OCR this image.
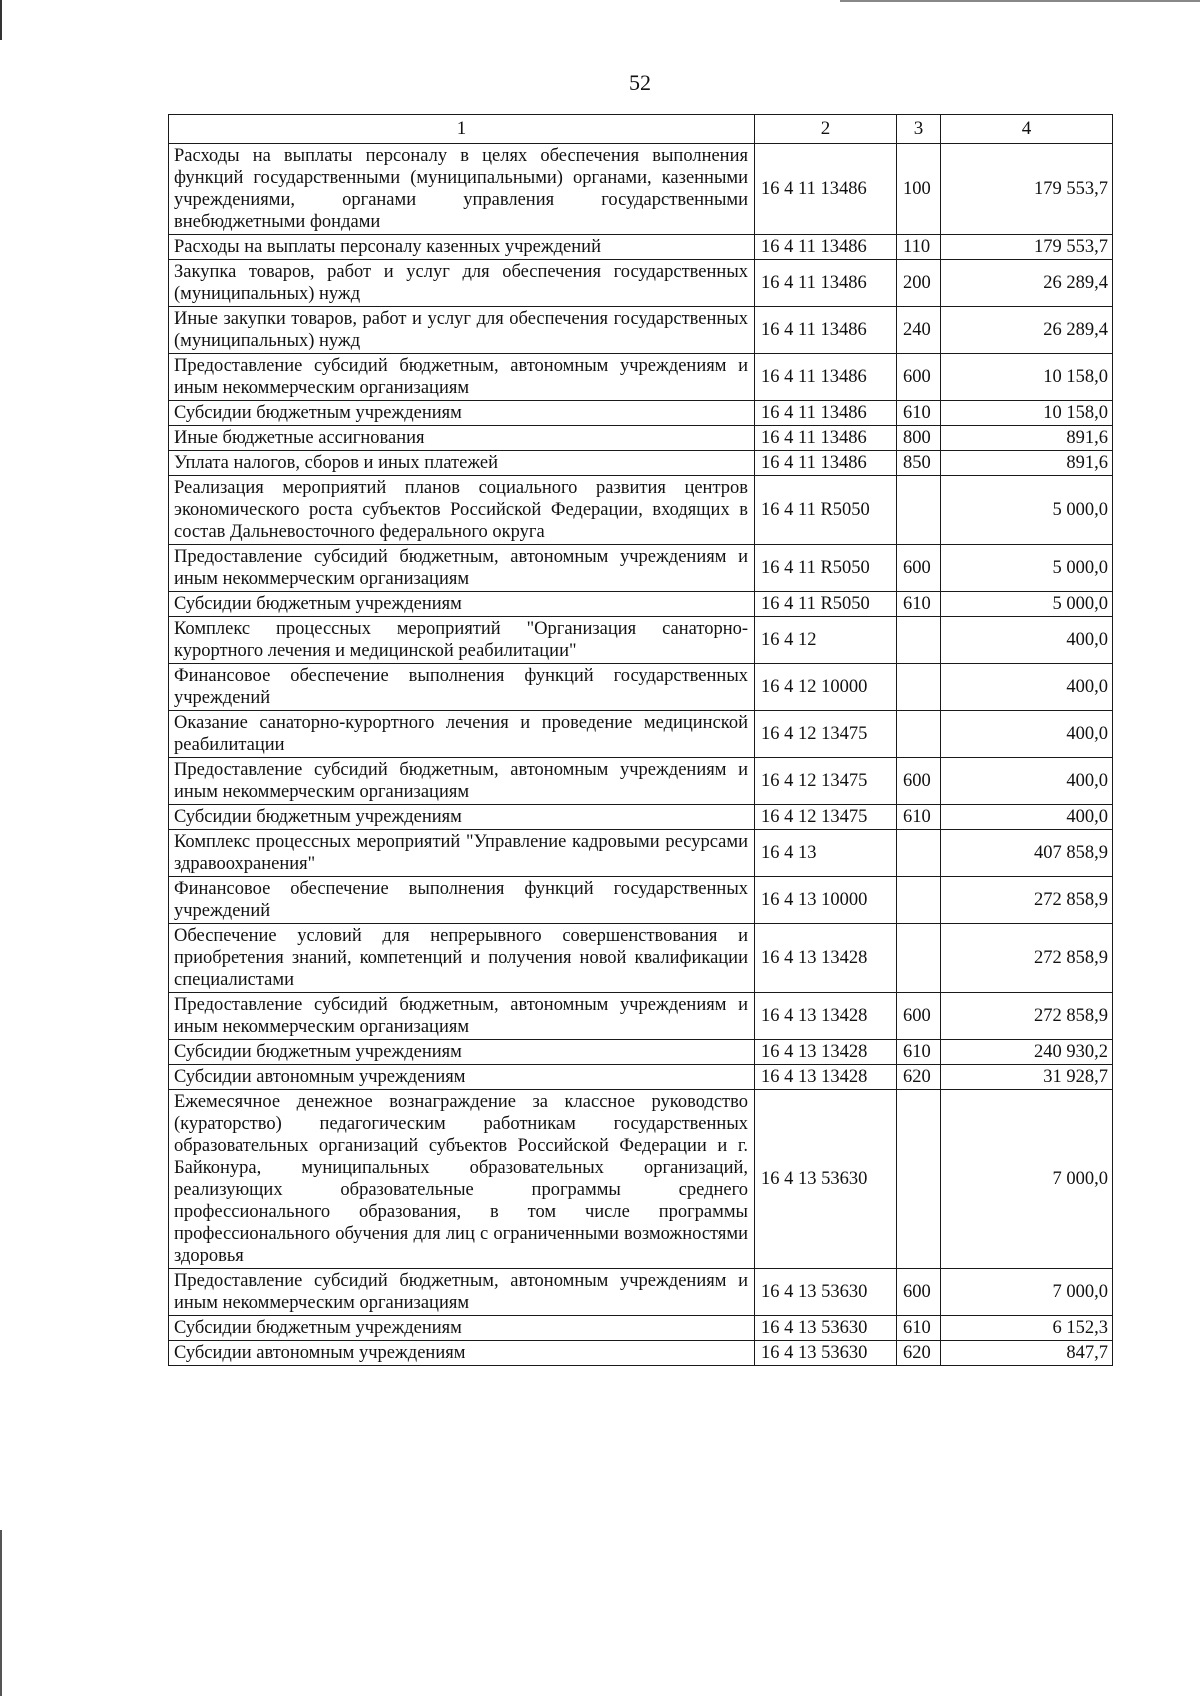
52
1	2	3	4
Расходы на выплаты персоналу в целях обеспечения выполнения функций государственными (муниципальными) органами, казенными учреждениями, органами управления государственными внебюджетными фондами	16 4 11 13486	100	179 553,7
Расходы на выплаты персоналу казенных учреждений	16 4 11 13486	110	179 553,7
Закупка товаров, работ и услуг для обеспечения государственных (муниципальных) нужд	16 4 11 13486	200	26 289,4
Иные закупки товаров, работ и услуг для обеспечения государственных (муниципальных) нужд	16 4 11 13486	240	26 289,4
Предоставление субсидий бюджетным, автономным учреждениям и иным некоммерческим организациям	16 4 11 13486	600	10 158,0
Субсидии бюджетным учреждениям	16 4 11 13486	610	10 158,0
Иные бюджетные ассигнования	16 4 11 13486	800	891,6
Уплата налогов, сборов и иных платежей	16 4 11 13486	850	891,6
Реализация мероприятий планов социального развития центров экономического роста субъектов Российской Федерации, входящих в состав Дальневосточного федерального округа	16 4 11 R5050		5 000,0
Предоставление субсидий бюджетным, автономным учреждениям и иным некоммерческим организациям	16 4 11 R5050	600	5 000,0
Субсидии бюджетным учреждениям	16 4 11 R5050	610	5 000,0
Комплекс процессных мероприятий "Организация санаторно-курортного лечения и медицинской реабилитации"	16 4 12		400,0
Финансовое обеспечение выполнения функций государственных учреждений	16 4 12 10000		400,0
Оказание санаторно-курортного лечения и проведение медицинской реабилитации	16 4 12 13475		400,0
Предоставление субсидий бюджетным, автономным учреждениям и иным некоммерческим организациям	16 4 12 13475	600	400,0
Субсидии бюджетным учреждениям	16 4 12 13475	610	400,0
Комплекс процессных мероприятий "Управление кадровыми ресурсами здравоохранения"	16 4 13		407 858,9
Финансовое обеспечение выполнения функций государственных учреждений	16 4 13 10000		272 858,9
Обеспечение условий для непрерывного совершенствования и приобретения знаний, компетенций и получения новой квалификации специалистами	16 4 13 13428		272 858,9
Предоставление субсидий бюджетным, автономным учреждениям и иным некоммерческим организациям	16 4 13 13428	600	272 858,9
Субсидии бюджетным учреждениям	16 4 13 13428	610	240 930,2
Субсидии автономным учреждениям	16 4 13 13428	620	31 928,7
Ежемесячное денежное вознаграждение за классное руководство (кураторство) педагогическим работникам государственных образовательных организаций субъектов Российской Федерации и г. Байконура, муниципальных образовательных организаций, реализующих образовательные программы среднего профессионального образования, в том числе программы профессионального обучения для лиц с ограниченными возможностями здоровья	16 4 13 53630		7 000,0
Предоставление субсидий бюджетным, автономным учреждениям и иным некоммерческим организациям	16 4 13 53630	600	7 000,0
Субсидии бюджетным учреждениям	16 4 13 53630	610	6 152,3
Субсидии автономным учреждениям	16 4 13 53630	620	847,7
